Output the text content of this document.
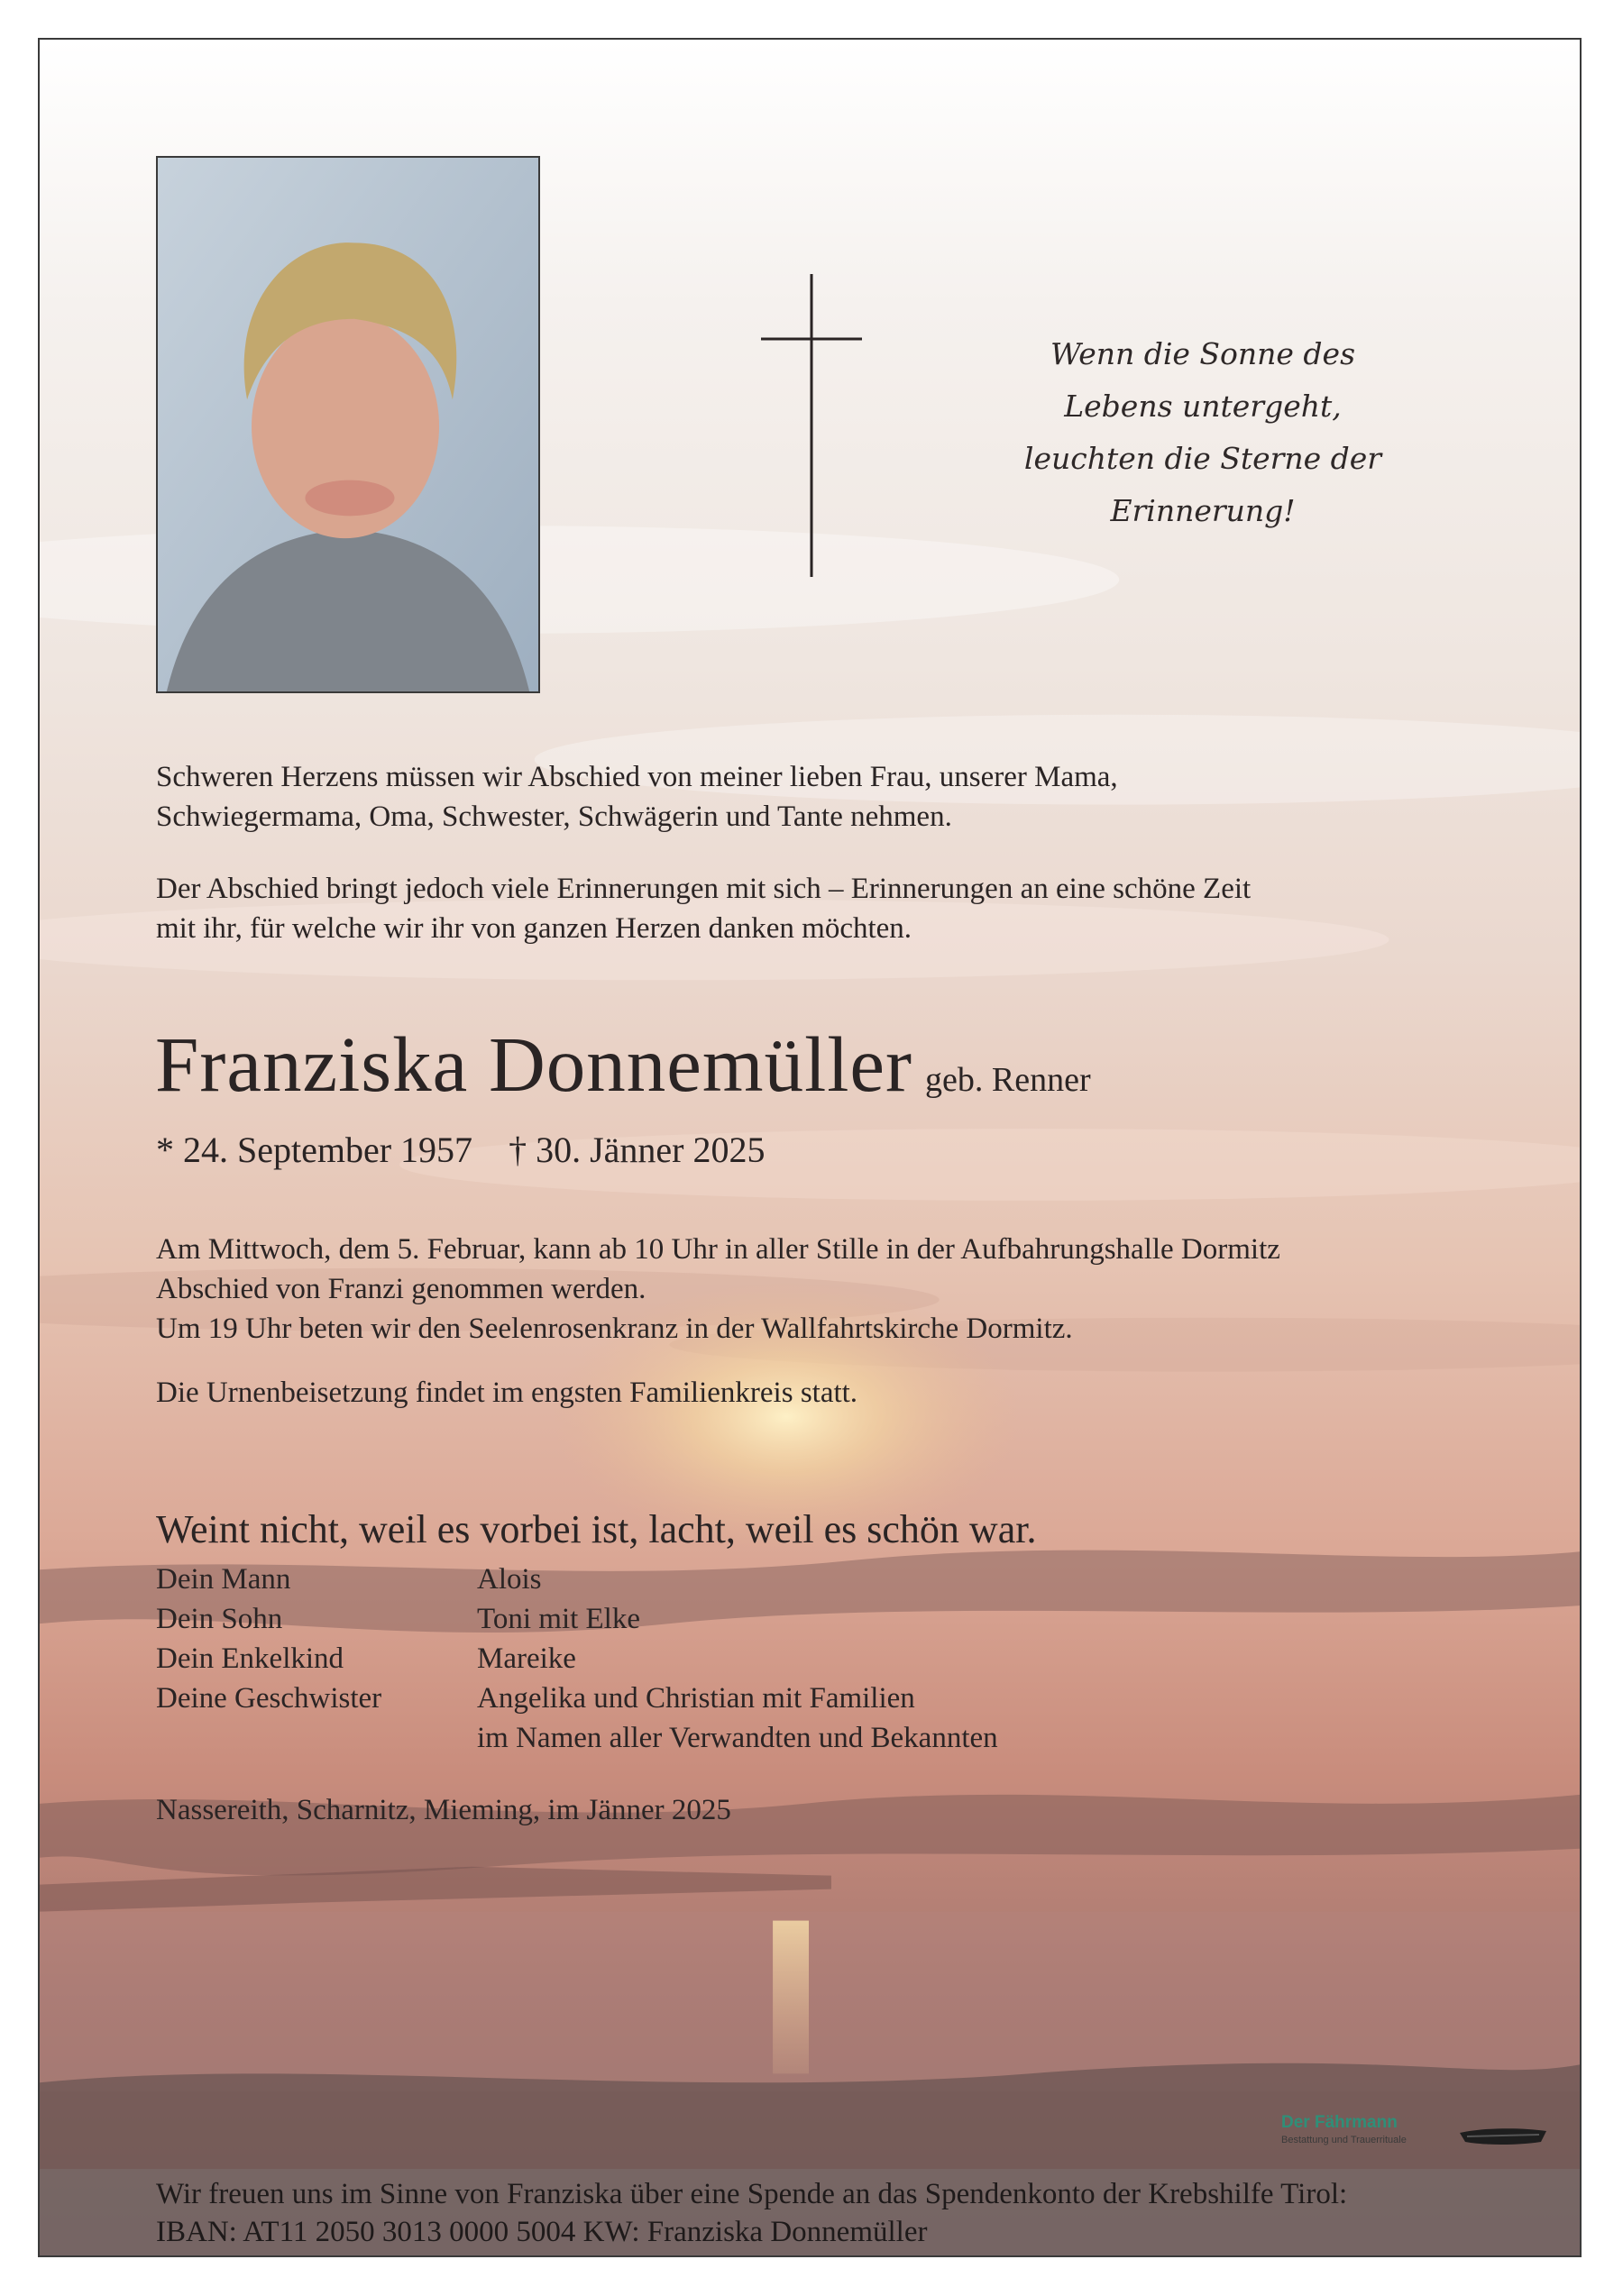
Wenn die Sonne des
Lebens untergeht,
leuchten die Sterne der
Erinnerung!
Schweren Herzens müssen wir Abschied von meiner lieben Frau, unserer Mama,
Schwiegermama, Oma, Schwester, Schwägerin und Tante nehmen.
Der Abschied bringt jedoch viele Erinnerungen mit sich – Erinnerungen an eine schöne Zeit
mit ihr, für welche wir ihr von ganzen Herzen danken möchten.
Franziska Donnemüller geb. Renner
* 24. September 1957 † 30. Jänner 2025
Am Mittwoch, dem 5. Februar, kann ab 10 Uhr in aller Stille in der Aufbahrungshalle Dormitz
Abschied von Franzi genommen werden.
Um 19 Uhr beten wir den Seelenrosenkranz in der Wallfahrtskirche Dormitz.
Die Urnenbeisetzung findet im engsten Familienkreis statt.
Weint nicht, weil es vorbei ist, lacht, weil es schön war.
Dein Mann	Alois
Dein Sohn	Toni mit Elke
Dein Enkelkind	Mareike
Deine Geschwister	Angelika und Christian mit Familien
im Namen aller Verwandten und Bekannten
Nassereith, Scharnitz, Mieming, im Jänner 2025
Der Fährmann
Bestattung und Trauerrituale
Wir freuen uns im Sinne von Franziska über eine Spende an das Spendenkonto der Krebshilfe Tirol:
IBAN: AT11 2050 3013 0000 5004 KW: Franziska Donnemüller
